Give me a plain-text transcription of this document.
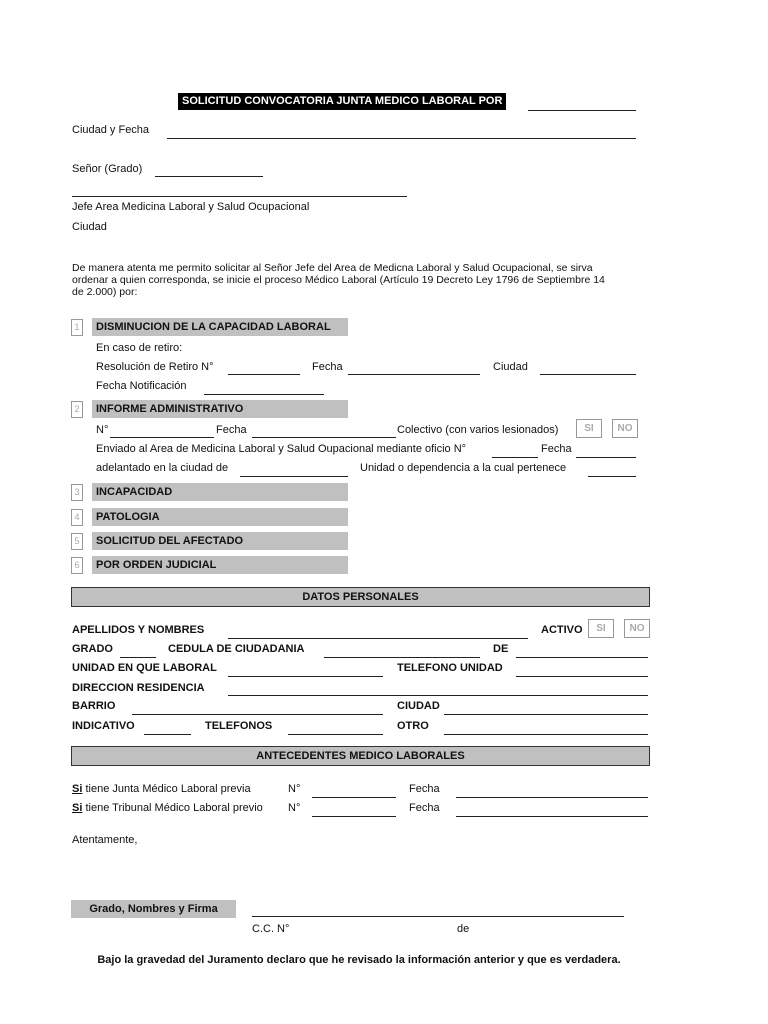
SOLICITUD CONVOCATORIA JUNTA MEDICO LABORAL POR
Ciudad y Fecha
Señor (Grado)
Jefe Area Medicina Laboral y Salud Ocupacional
Ciudad
De manera atenta me permito solicitar al Señor Jefe del Area de Medicna Laboral y Salud Ocupacional, se sirva
ordenar a quien corresponda, se inicie el proceso Médico Laboral (Artículo 19 Decreto Ley 1796 de Septiembre 14
de 2.000) por:
1	DISMINUCION DE LA CAPACIDAD LABORAL
En caso de retiro:
Resolución de Retiro N°	Fecha	Ciudad
Fecha Notificación
2	INFORME ADMINISTRATIVO
N°	Fecha	Colectivo (con varios lesionados)	SI	NO
Enviado al Area de Medicina Laboral y Salud Oupacional mediante oficio N°	Fecha
adelantado en la ciudad de	Unidad o dependencia a la cual pertenece
3	INCAPACIDAD
4	PATOLOGIA
5	SOLICITUD DEL AFECTADO
6	POR ORDEN JUDICIAL
DATOS PERSONALES
APELLIDOS Y NOMBRES	ACTIVO	SI	NO
GRADO	CEDULA DE CIUDADANIA	DE
UNIDAD EN QUE LABORAL	TELEFONO UNIDAD
DIRECCION RESIDENCIA
BARRIO	CIUDAD
INDICATIVO	TELEFONOS	OTRO
ANTECEDENTES MEDICO LABORALES
Si tiene Junta Médico Laboral previa	N°	Fecha
Si tiene Tribunal Médico Laboral previo N°	Fecha
Atentamente,
Grado, Nombres y Firma
C.C. N°	de
Bajo la gravedad del Juramento declaro que he revisado la información anterior y que es verdadera.
